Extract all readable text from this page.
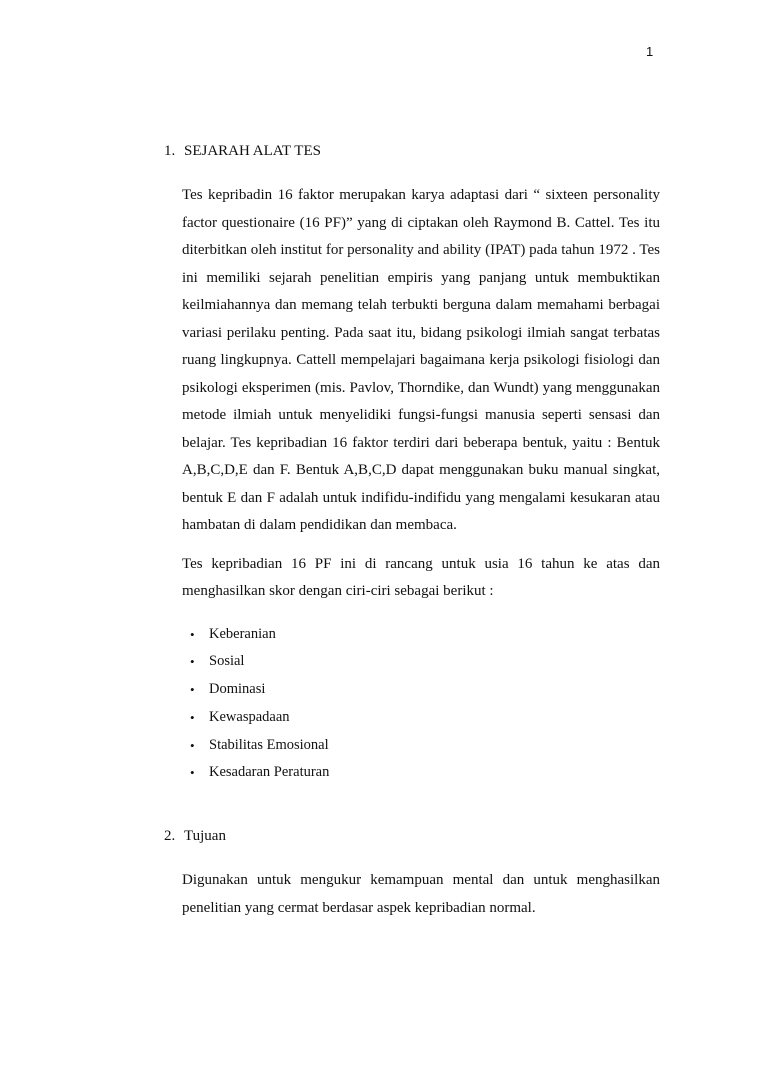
1
1. SEJARAH ALAT TES

Tes kepribadin 16 faktor merupakan karya adaptasi dari “ sixteen personality factor questionaire (16 PF)” yang di ciptakan oleh Raymond B. Cattel. Tes itu diterbitkan oleh institut for personality and ability (IPAT) pada tahun 1972 . Tes ini memiliki sejarah penelitian empiris yang panjang untuk membuktikan keilmiahannya dan memang telah terbukti berguna dalam memahami berbagai variasi perilaku penting. Pada saat itu, bidang psikologi ilmiah sangat terbatas ruang lingkupnya. Cattell mempelajari bagaimana kerja psikologi fisiologi dan psikologi eksperimen (mis. Pavlov, Thorndike, dan Wundt) yang menggunakan metode ilmiah untuk menyelidiki fungsi-fungsi manusia seperti sensasi dan belajar. Tes kepribadian 16 faktor terdiri dari beberapa bentuk, yaitu : Bentuk A,B,C,D,E dan F. Bentuk A,B,C,D dapat menggunakan buku manual singkat, bentuk E dan F adalah untuk indifidu-indifidu yang mengalami kesukaran atau hambatan di dalam pendidikan dan membaca.

Tes kepribadian 16 PF ini di rancang untuk usia 16 tahun ke atas dan menghasilkan skor dengan ciri-ciri sebagai berikut :

• Keberanian
• Sosial
• Dominasi
• Kewaspadaan
• Stabilitas Emosional
• Kesadaran Peraturan
2. Tujuan

Digunakan untuk mengukur kemampuan mental dan untuk menghasilkan penelitian yang cermat berdasar aspek kepribadian normal.
